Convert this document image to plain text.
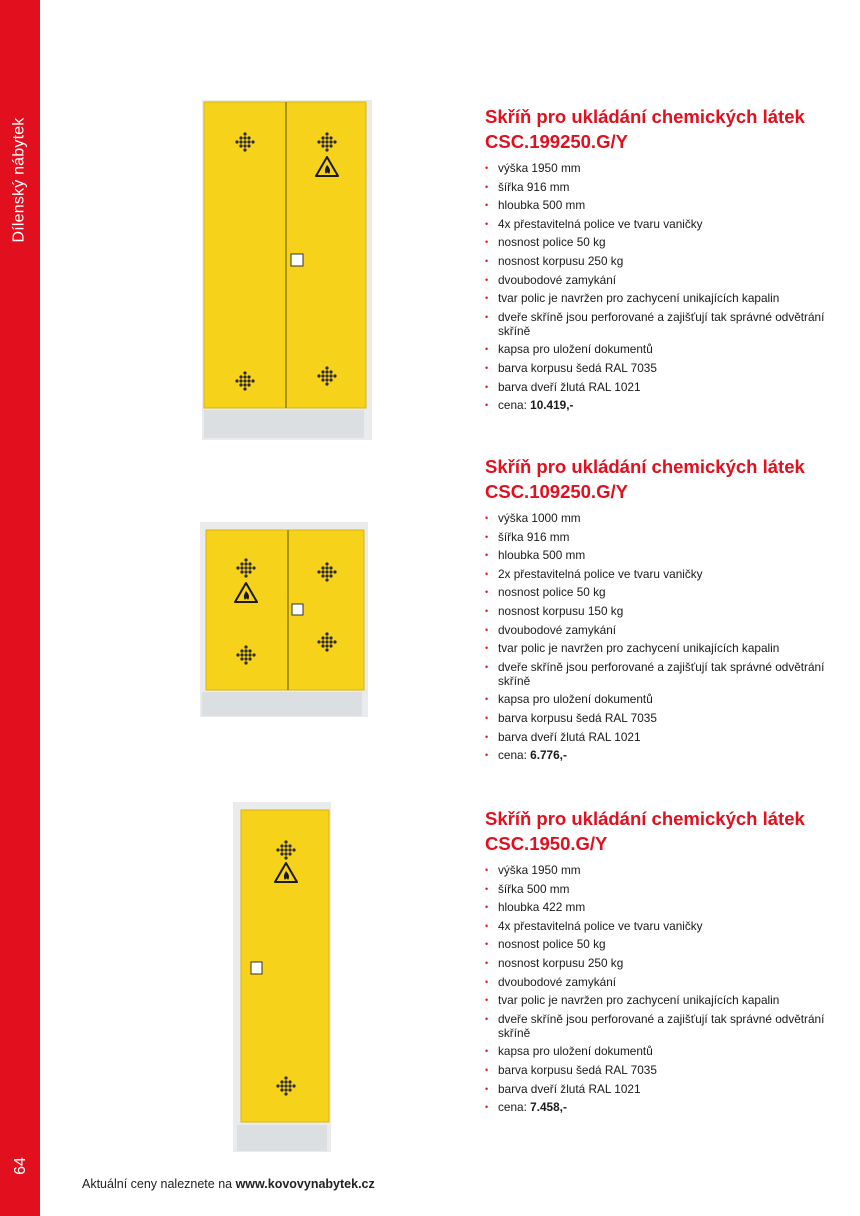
Dílenský nábytek
64
Skříň pro ukládání chemických látek
CSC.199250.G/Y
• výška 1950 mm
• šířka 916 mm
• hloubka 500 mm
• 4x přestavitelná police ve tvaru vaničky
• nosnost police 50 kg
• nosnost korpusu 250 kg
• dvoubodové zamykání
• tvar polic je navržen pro zachycení unikajících kapalin
• dveře skříně jsou perforované a zajišťují tak správné odvětrání skříně
• kapsa pro uložení dokumentů
• barva korpusu šedá RAL 7035
• barva dveří žlutá RAL 1021
• cena: 10.419,-
Skříň pro ukládání chemických látek
CSC.109250.G/Y
• výška 1000 mm
• šířka 916 mm
• hloubka 500 mm
• 2x přestavitelná police ve tvaru vaničky
• nosnost police 50 kg
• nosnost korpusu 150 kg
• dvoubodové zamykání
• tvar polic je navržen pro zachycení unikajících kapalin
• dveře skříně jsou perforované a zajišťují tak správné odvětrání skříně
• kapsa pro uložení dokumentů
• barva korpusu šedá RAL 7035
• barva dveří žlutá RAL 1021
• cena: 6.776,-
Skříň pro ukládání chemických látek
CSC.1950.G/Y
• výška 1950 mm
• šířka 500 mm
• hloubka 422 mm
• 4x přestavitelná police ve tvaru vaničky
• nosnost police 50 kg
• nosnost korpusu 250 kg
• dvoubodové zamykání
• tvar polic je navržen pro zachycení unikajících kapalin
• dveře skříně jsou perforované a zajišťují tak správné odvětrání skříně
• kapsa pro uložení dokumentů
• barva korpusu šedá RAL 7035
• barva dveří žlutá RAL 1021
• cena: 7.458,-
Aktuální ceny naleznete na www.kovovynabytek.cz
